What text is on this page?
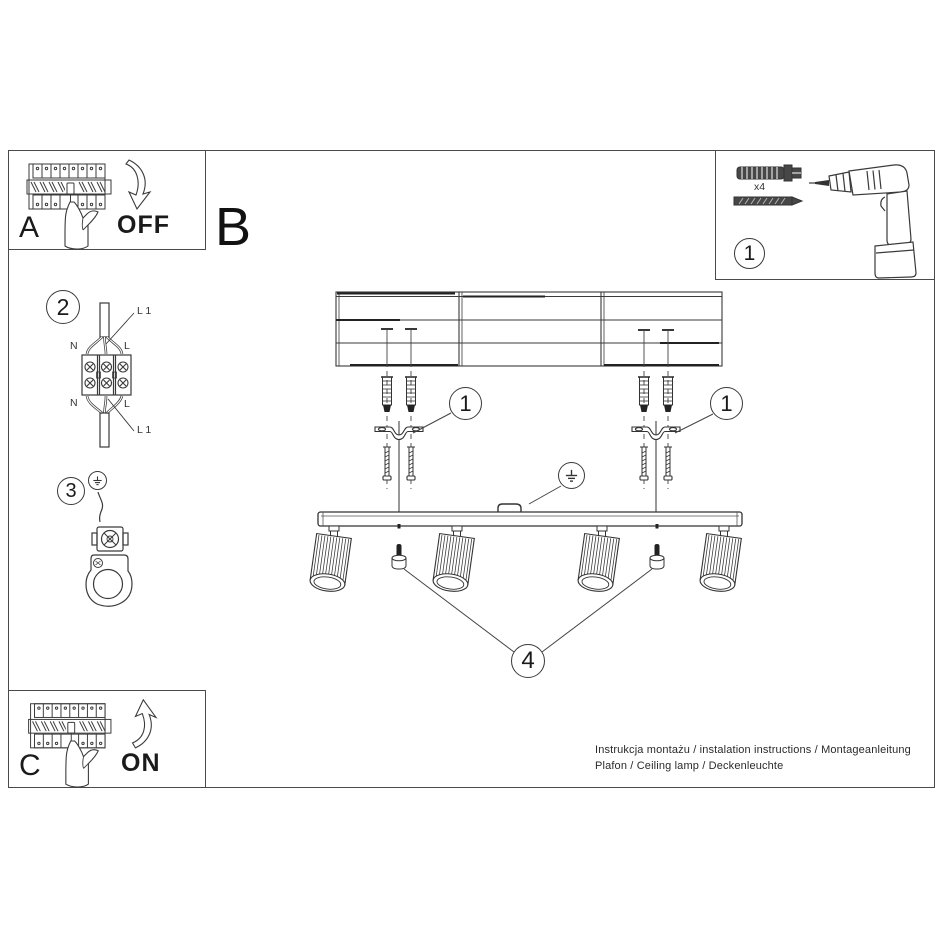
A	OFF B
x4
1
2
N	L
N	L
L 1
L 1
3
1	1
4
C	ON	Instrukcja montażu / instalation instructions / Montageanleitung
Plafon / Ceiling lamp / Deckenleuchte
